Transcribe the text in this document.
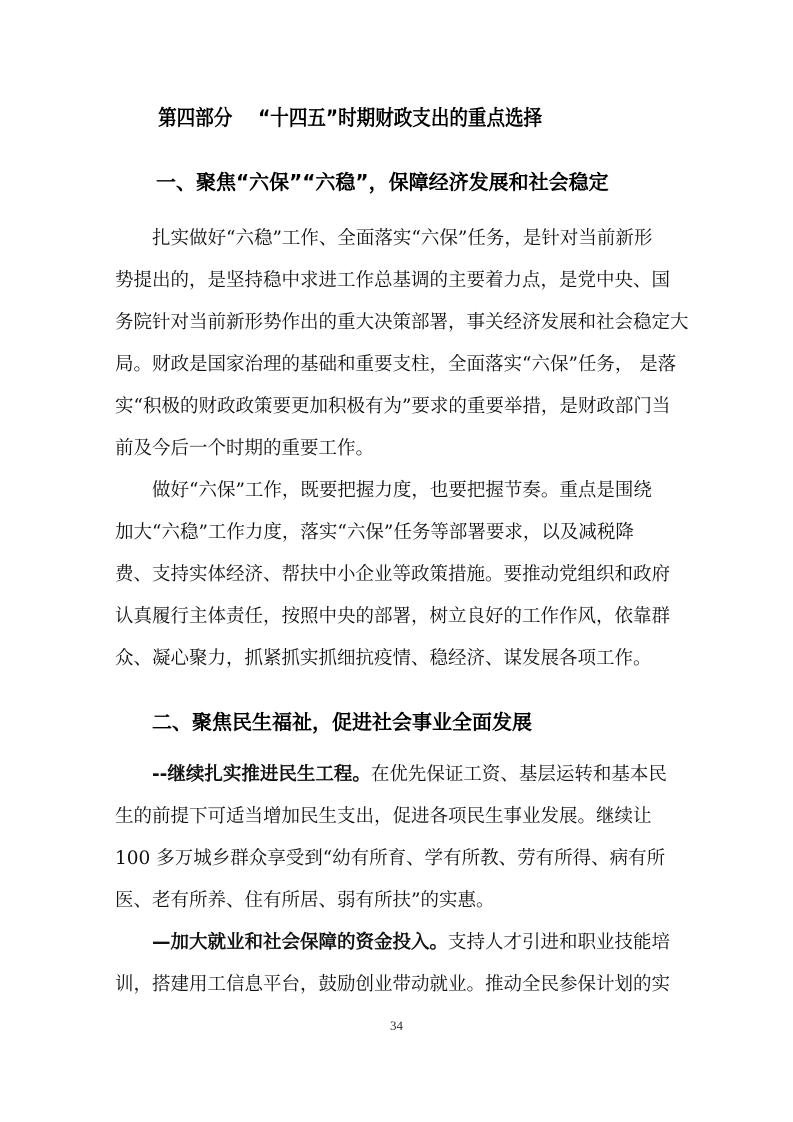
第四部分    “十四五”时期财政支出的重点选择
一、聚焦“六保”“六稳”，保障经济发展和社会稳定
扎实做好“六稳”工作、全面落实“六保”任务，是针对当前新形
势提出的，是坚持稳中求进工作总基调的主要着力点，是党中央、国
务院针对当前新形势作出的重大决策部署，事关经济发展和社会稳定大
局。财政是国家治理的基础和重要支柱，全面落实“六保”任务， 是落
实“积极的财政政策要更加积极有为”要求的重要举措，是财政部门当
前及今后一个时期的重要工作。
做好“六保”工作，既要把握力度，也要把握节奏。重点是围绕
加大“六稳”工作力度，落实“六保”任务等部署要求，以及减税降
费、支持实体经济、帮扶中小企业等政策措施。要推动党组织和政府
认真履行主体责任，按照中央的部署，树立良好的工作作风，依靠群
众、凝心聚力，抓紧抓实抓细抗疫情、稳经济、谋发展各项工作。
二、聚焦民生福祉，促进社会事业全面发展
--继续扎实推进民生工程。在优先保证工资、基层运转和基本民
生的前提下可适当增加民生支出，促进各项民生事业发展。继续让
100 多万城乡群众享受到“幼有所育、学有所教、劳有所得、病有所
医、老有所养、住有所居、弱有所扶”的实惠。
—加大就业和社会保障的资金投入。支持人才引进和职业技能培
训，搭建用工信息平台，鼓励创业带动就业。推动全民参保计划的实
34
